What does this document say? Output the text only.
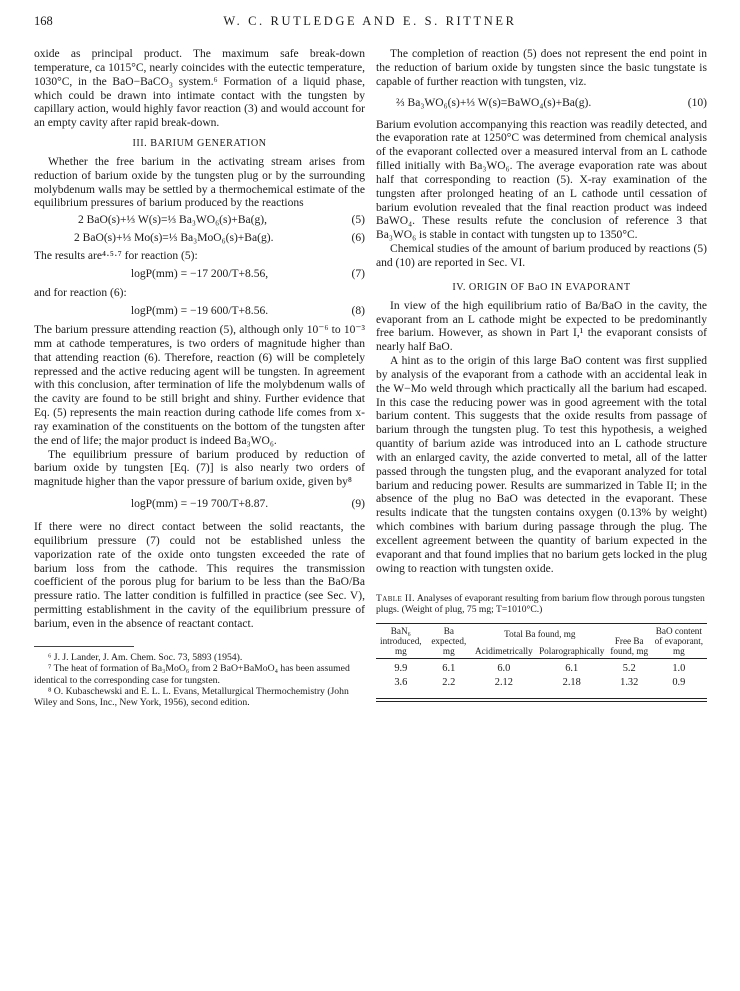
168	W. C. RUTLEDGE AND E. S. RITTNER

oxide as principal product. The maximum safe break-down temperature, ca 1015°C, nearly coincides with the eutectic temperature, 1030°C, in the BaO−BaCO₃ system.⁶ Formation of a liquid phase, which could be drawn into intimate contact with the tungsten by capillary action, would highly favor reaction (3) and would account for an empty cavity after rapid break-down.

III. BARIUM GENERATION

Whether the free barium in the activating stream arises from reduction of barium oxide by the tungsten plug or by the surrounding molybdenum walls may be settled by a thermochemical estimate of the equilibrium pressures of barium produced by the reactions

2 BaO(s)+⅓ W(s)=⅓ Ba₃WO₆(s)+Ba(g),	(5)
2 BaO(s)+⅓ Mo(s)=⅓ Ba₃MoO₆(s)+Ba(g).	(6)

The results are⁴·⁵·⁷ for reaction (5):

logP(mm) = −17 200/T+8.56,	(7)

and for reaction (6):

logP(mm) = −19 600/T+8.56.	(8)

The barium pressure attending reaction (5), although only 10⁻⁶ to 10⁻³ mm at cathode temperatures, is two orders of magnitude higher than that attending reaction (6). Therefore, reaction (6) will be completely repressed and the active reducing agent will be tungsten. In agreement with this conclusion, after termination of life the molybdenum walls of the cavity are found to be still bright and shiny. Further evidence that Eq. (5) represents the main reaction during cathode life comes from x-ray examination of the constituents on the bottom of the tungsten after the end of life; the major product is indeed Ba₃WO₆.

The equilibrium pressure of barium produced by reduction of barium oxide by tungsten [Eq. (7)] is also nearly two orders of magnitude higher than the vapor pressure of barium oxide, given by⁸

logP(mm) = −19 700/T+8.87.	(9)

If there were no direct contact between the solid reactants, the equilibrium pressure (7) could not be established unless the vaporization rate of the oxide onto tungsten exceeded the rate of barium loss from the cathode. This requires the transmission coefficient of the porous plug for barium to be less than the BaO/Ba pressure ratio. The latter condition is fulfilled in practice (see Sec. V), permitting establishment in the cavity of the equilibrium pressure of barium, even in the absence of reactant contact.

⁶ J. J. Lander, J. Am. Chem. Soc. 73, 5893 (1954).

⁷ The heat of formation of Ba₃MoO₆ from 2 BaO+BaMoO₄ has been assumed identical to the corresponding case for tungsten.

⁸ O. Kubaschewski and E. L. L. Evans, Metallurgical Thermochemistry (John Wiley and Sons, Inc., New York, 1956), second edition.

The completion of reaction (5) does not represent the end point in the reduction of barium oxide by tungsten since the basic tungstate is capable of further reaction with tungsten, viz.

⅔ Ba₃WO₆(s)+⅓ W(s)=BaWO₄(s)+Ba(g).	(10)

Barium evolution accompanying this reaction was readily detected, and the evaporation rate at 1250°C was determined from chemical analysis of the evaporant collected over a measured interval from an L cathode filled initially with Ba₃WO₆. The average evaporation rate was about half that corresponding to reaction (5). X-ray examination of the tungsten after prolonged heating of an L cathode until cessation of barium evolution revealed that the final reaction product was indeed BaWO₄. These results refute the conclusion of reference 3 that Ba₃WO₆ is stable in contact with tungsten up to 1350°C.

Chemical studies of the amount of barium produced by reactions (5) and (10) are reported in Sec. VI.

IV. ORIGIN OF BaO IN EVAPORANT

In view of the high equilibrium ratio of Ba/BaO in the cavity, the evaporant from an L cathode might be expected to be predominantly free barium. However, as shown in Part I,¹ the evaporant consists of nearly half BaO.

A hint as to the origin of this large BaO content was first supplied by analysis of the evaporant from a cathode with an accidental leak in the W−Mo weld through which practically all the barium had escaped. In this case the reducing power was in good agreement with the total barium content. This suggests that the oxide results from passage of barium through the tungsten plug. To test this hypothesis, a weighed quantity of barium azide was introduced into an L cathode structure with an enlarged cavity, the azide converted to metal, all of the latter passed through the tungsten plug, and the evaporant analyzed for total barium and reducing power. Results are summarized in Table II; in the absence of the plug no BaO was detected in the evaporant. These results indicate that the tungsten contains oxygen (0.13% by weight) which combines with barium during passage through the plug. The excellent agreement between the quantity of barium expected in the evaporant and that found implies that no barium gets locked in the plug owing to reaction with tungsten oxide.

Table II. Analyses of evaporant resulting from barium flow through porous tungsten plugs. (Weight of plug, 75 mg; T=1010°C.)

BaN₆ introduced, mg	Ba expected, mg	Total Ba found, mg		Free Ba found, mg	BaO content of evaporant, mg
		Acidimetrically	Polarographically		

9.9	6.1	6.0	6.1	5.2	1.0
3.6	2.2	2.12	2.18	1.32	0.9
